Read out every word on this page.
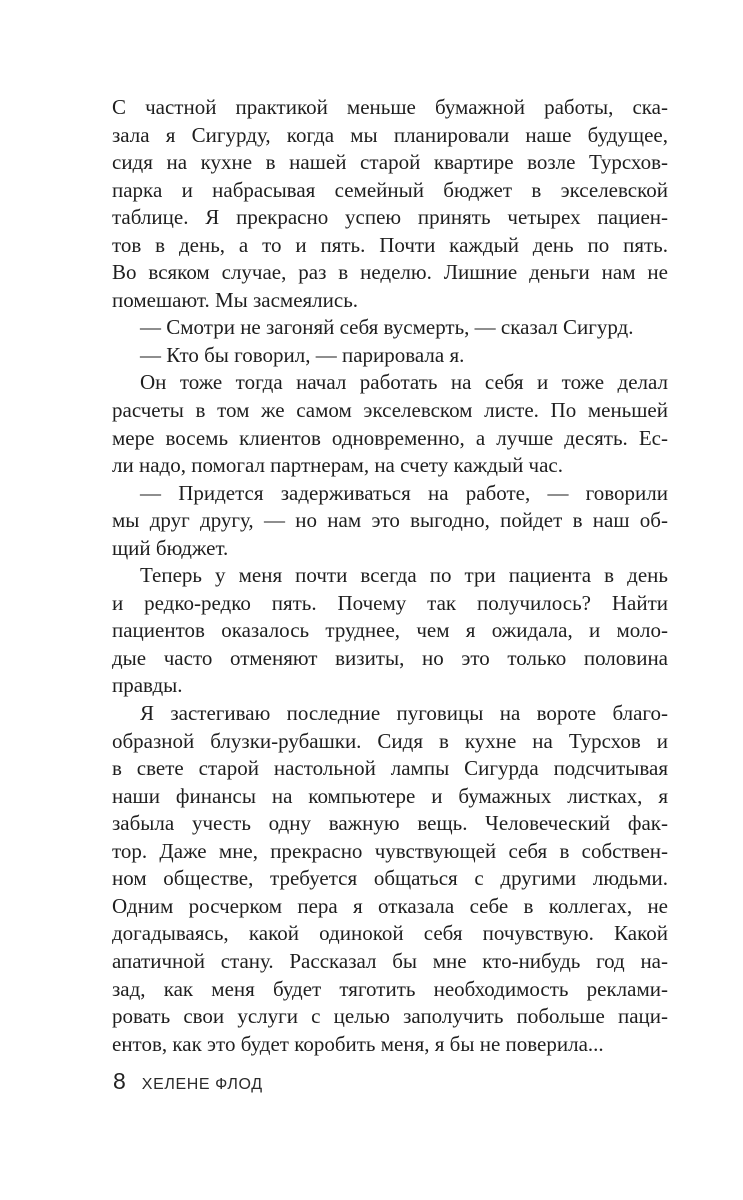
С частной практикой меньше бумажной работы, ска-
зала я Сигурду, когда мы планировали наше будущее,
сидя на кухне в нашей старой квартире возле Турсхов-
парка и набрасывая семейный бюджет в экселевской
таблице. Я прекрасно успею принять четырех пациен-
тов в день, а то и пять. Почти каждый день по пять.
Во всяком случае, раз в неделю. Лишние деньги нам не
помешают. Мы засмеялись.

— Смотри не загоняй себя вусмерть, — сказал Сигурд.

— Кто бы говорил, — парировала я.

Он тоже тогда начал работать на себя и тоже делал
расчеты в том же самом экселевском листе. По меньшей
мере восемь клиентов одновременно, а лучше десять. Ес-
ли надо, помогал партнерам, на счету каждый час.

— Придется задерживаться на работе, — говорили
мы друг другу, — но нам это выгодно, пойдет в наш об-
щий бюджет.

Теперь у меня почти всегда по три пациента в день
и редко-редко пять. Почему так получилось? Найти
пациентов оказалось труднее, чем я ожидала, и моло-
дые часто отменяют визиты, но это только половина
правды.

Я застегиваю последние пуговицы на вороте благо-
образной блузки-рубашки. Сидя в кухне на Турсхов и
в свете старой настольной лампы Сигурда подсчитывая
наши финансы на компьютере и бумажных листках, я
забыла учесть одну важную вещь. Человеческий фак-
тор. Даже мне, прекрасно чувствующей себя в собствен-
ном обществе, требуется общаться с другими людьми.
Одним росчерком пера я отказала себе в коллегах, не
догадываясь, какой одинокой себя почувствую. Какой
апатичной стану. Рассказал бы мне кто-нибудь год на-
зад, как меня будет тяготить необходимость реклами-
ровать свои услуги с целью заполучить побольше паци-
ентов, как это будет коробить меня, я бы не поверила...

8 ХЕЛЕНЕ ФЛОД
